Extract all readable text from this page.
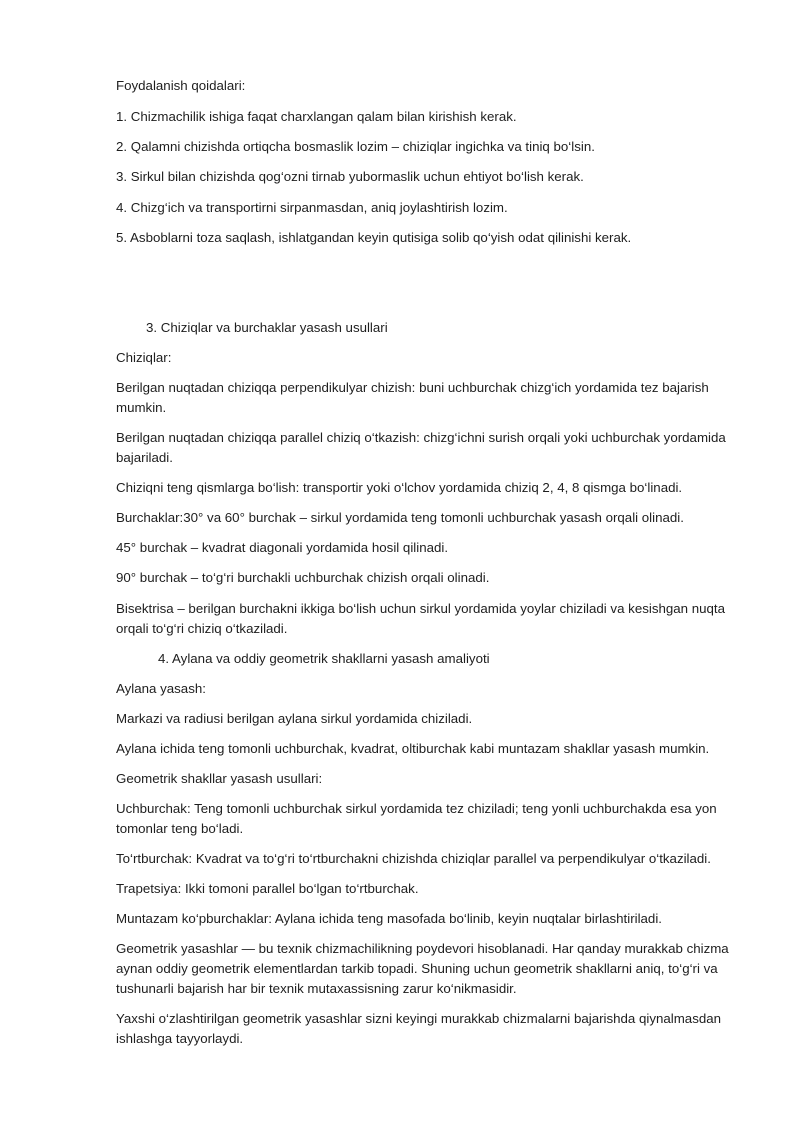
Foydalanish qoidalari:

1. Chizmachilik ishiga faqat charxlangan qalam bilan kirishish kerak.

2. Qalamni chizishda ortiqcha bosmaslik lozim – chiziqlar ingichka va tiniq bo‘lsin.

3. Sirkul bilan chizishda qog‘ozni tirnab yubormaslik uchun ehtiyot bo‘lish kerak.

4. Chizg‘ich va transportirni sirpanmasdan, aniq joylashtirish lozim.

5. Asboblarni toza saqlash, ishlatgandan keyin qutisiga solib qo‘yish odat qilinishi kerak.

3. Chiziqlar va burchaklar yasash usullari

Chiziqlar:

Berilgan nuqtadan chiziqqa perpendikulyar chizish: buni uchburchak chizg‘ich yordamida tez bajarish mumkin.

Berilgan nuqtadan chiziqqa parallel chiziq o‘tkazish: chizg‘ichni surish orqali yoki uchburchak yordamida bajariladi.

Chiziqni teng qismlarga bo‘lish: transportir yoki o‘lchov yordamida chiziq 2, 4, 8 qismga bo‘linadi.

Burchaklar:30° va 60° burchak – sirkul yordamida teng tomonli uchburchak yasash orqali olinadi.

45° burchak – kvadrat diagonali yordamida hosil qilinadi.

90° burchak – to‘g‘ri burchakli uchburchak chizish orqali olinadi.

Bisektrisa – berilgan burchakni ikkiga bo‘lish uchun sirkul yordamida yoylar chiziladi va kesishgan nuqta orqali to‘g‘ri chiziq o‘tkaziladi.

4. Aylana va oddiy geometrik shakllarni yasash amaliyoti

Aylana yasash:

Markazi va radiusi berilgan aylana sirkul yordamida chiziladi.

Aylana ichida teng tomonli uchburchak, kvadrat, oltiburchak kabi muntazam shakllar yasash mumkin.

Geometrik shakllar yasash usullari:

Uchburchak: Teng tomonli uchburchak sirkul yordamida tez chiziladi; teng yonli uchburchakda esa yon tomonlar teng bo‘ladi.

To‘rtburchak: Kvadrat va to‘g‘ri to‘rtburchakni chizishda chiziqlar parallel va perpendikulyar o‘tkaziladi.

Trapetsiya: Ikki tomoni parallel bo‘lgan to‘rtburchak.

Muntazam ko‘pburchaklar: Aylana ichida teng masofada bo‘linib, keyin nuqtalar birlashtiriladi.

Geometrik yasashlar — bu texnik chizmachilikning poydevori hisoblanadi. Har qanday murakkab chizma aynan oddiy geometrik elementlardan tarkib topadi. Shuning uchun geometrik shakllarni aniq, to‘g‘ri va tushunarli bajarish har bir texnik mutaxassisning zarur ko‘nikmasidir.

Yaxshi o‘zlashtirilgan geometrik yasashlar sizni keyingi murakkab chizmalarni bajarishda qiynalmasdan ishlashga tayyorlaydi.
